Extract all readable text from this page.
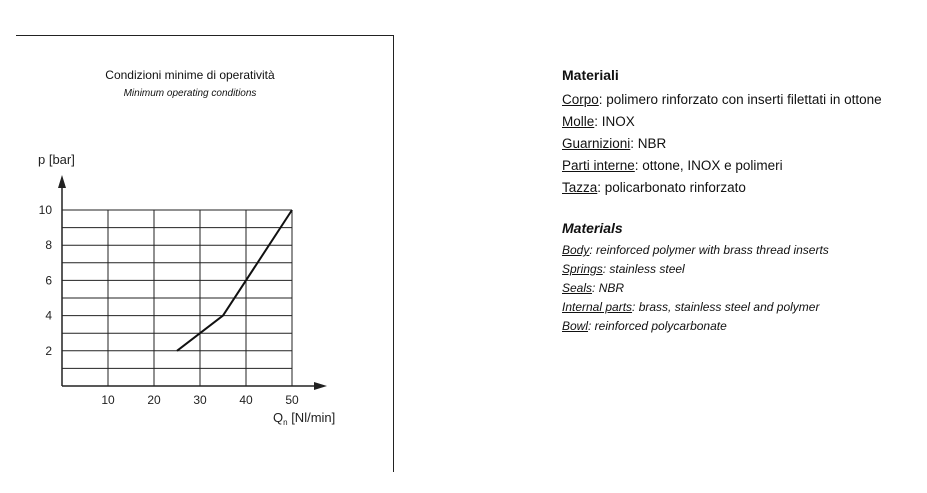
Condizioni minime di operatività
Minimum operating conditions
2
4
6
8
10
10	20	30	40	50
p [bar]
$Q_n$ [Nl/min]
Materiali
Corpo: polimero rinforzato con inserti filettati in ottone
Molle: INOX
Guarnizioni: NBR
Parti interne: ottone, INOX e polimeri
Tazza: policarbonato rinforzato
Materials
Body: reinforced polymer with brass thread inserts
Springs: stainless steel
Seals: NBR
Internal parts: brass, stainless steel and polymer
Bowl: reinforced polycarbonate
